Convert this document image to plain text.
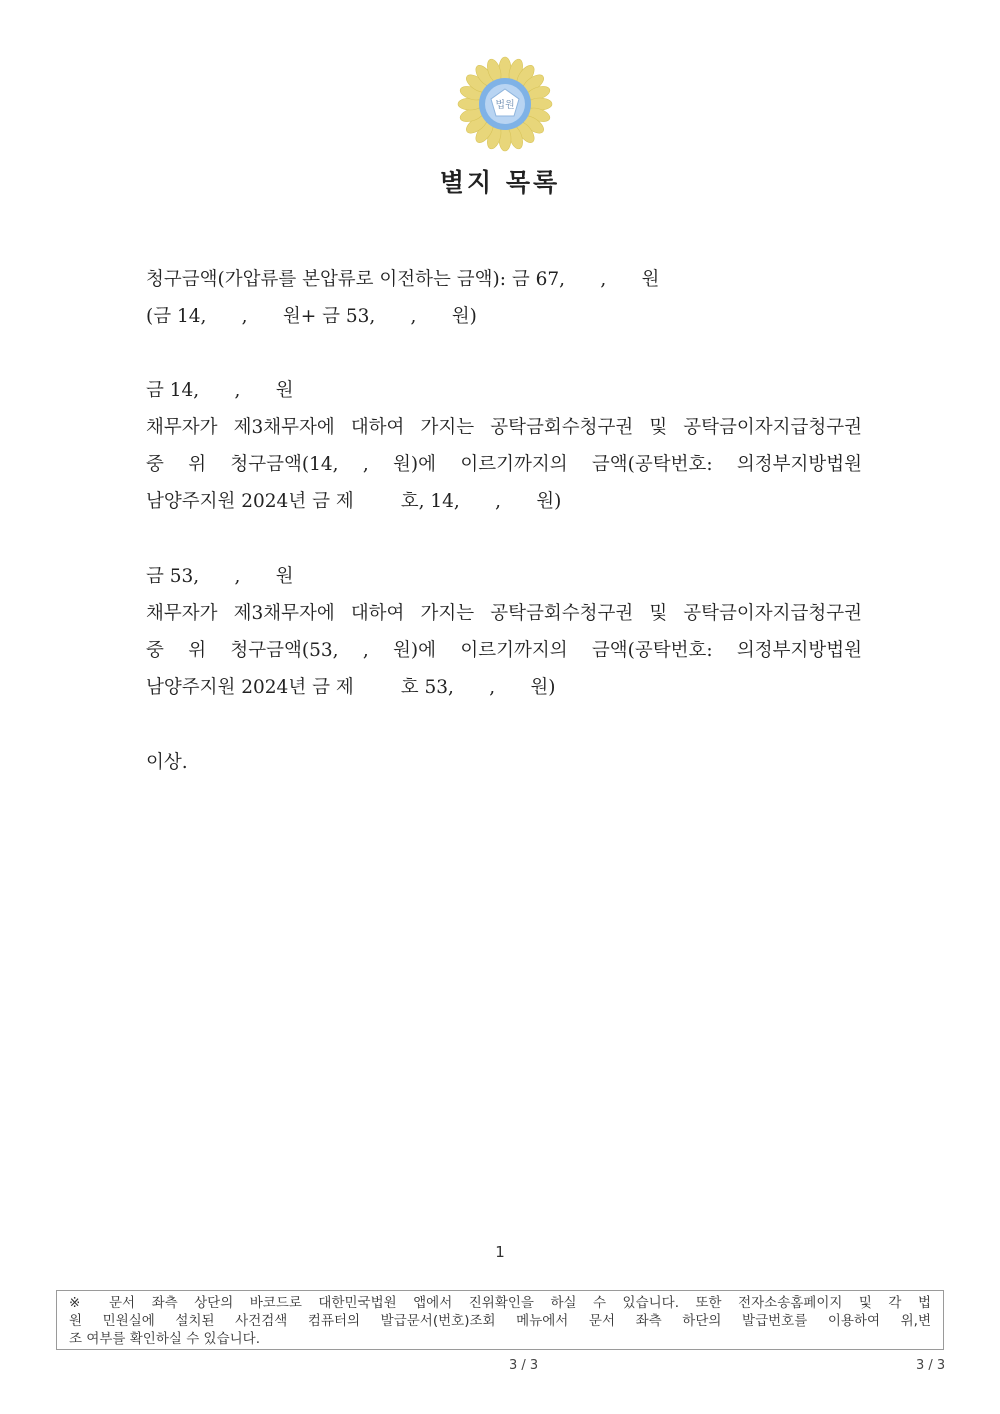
법원
별지 목록
청구금액(가압류를 본압류로 이전하는 금액): 금 67,      ,      원
(금 14,      ,      원+ 금 53,      ,      원)
금 14,      ,      원
채무자가 제3채무자에 대하여 가지는 공탁금회수청구권 및 공탁금이자지급청구권
중 위 청구금액(14, , 원)에 이르기까지의 금액(공탁번호: 의정부지방법원
남양주지원 2024년 금 제        호, 14,      ,      원)
금 53,      ,      원
채무자가 제3채무자에 대하여 가지는 공탁금회수청구권 및 공탁금이자지급청구권
중 위 청구금액(53, , 원)에 이르기까지의 금액(공탁번호: 의정부지방법원
남양주지원 2024년 금 제        호 53,      ,      원)
이상.
1
※ 문서 좌측 상단의 바코드로 대한민국법원 앱에서 진위확인을 하실 수 있습니다. 또한 전자소송홈페이지 및 각 법
원 민원실에 설치된 사건검색 컴퓨터의 발급문서(번호)조회 메뉴에서 문서 좌측 하단의 발급번호를 이용하여 위,변
조 여부를 확인하실 수 있습니다.
3 / 3	3 / 3
